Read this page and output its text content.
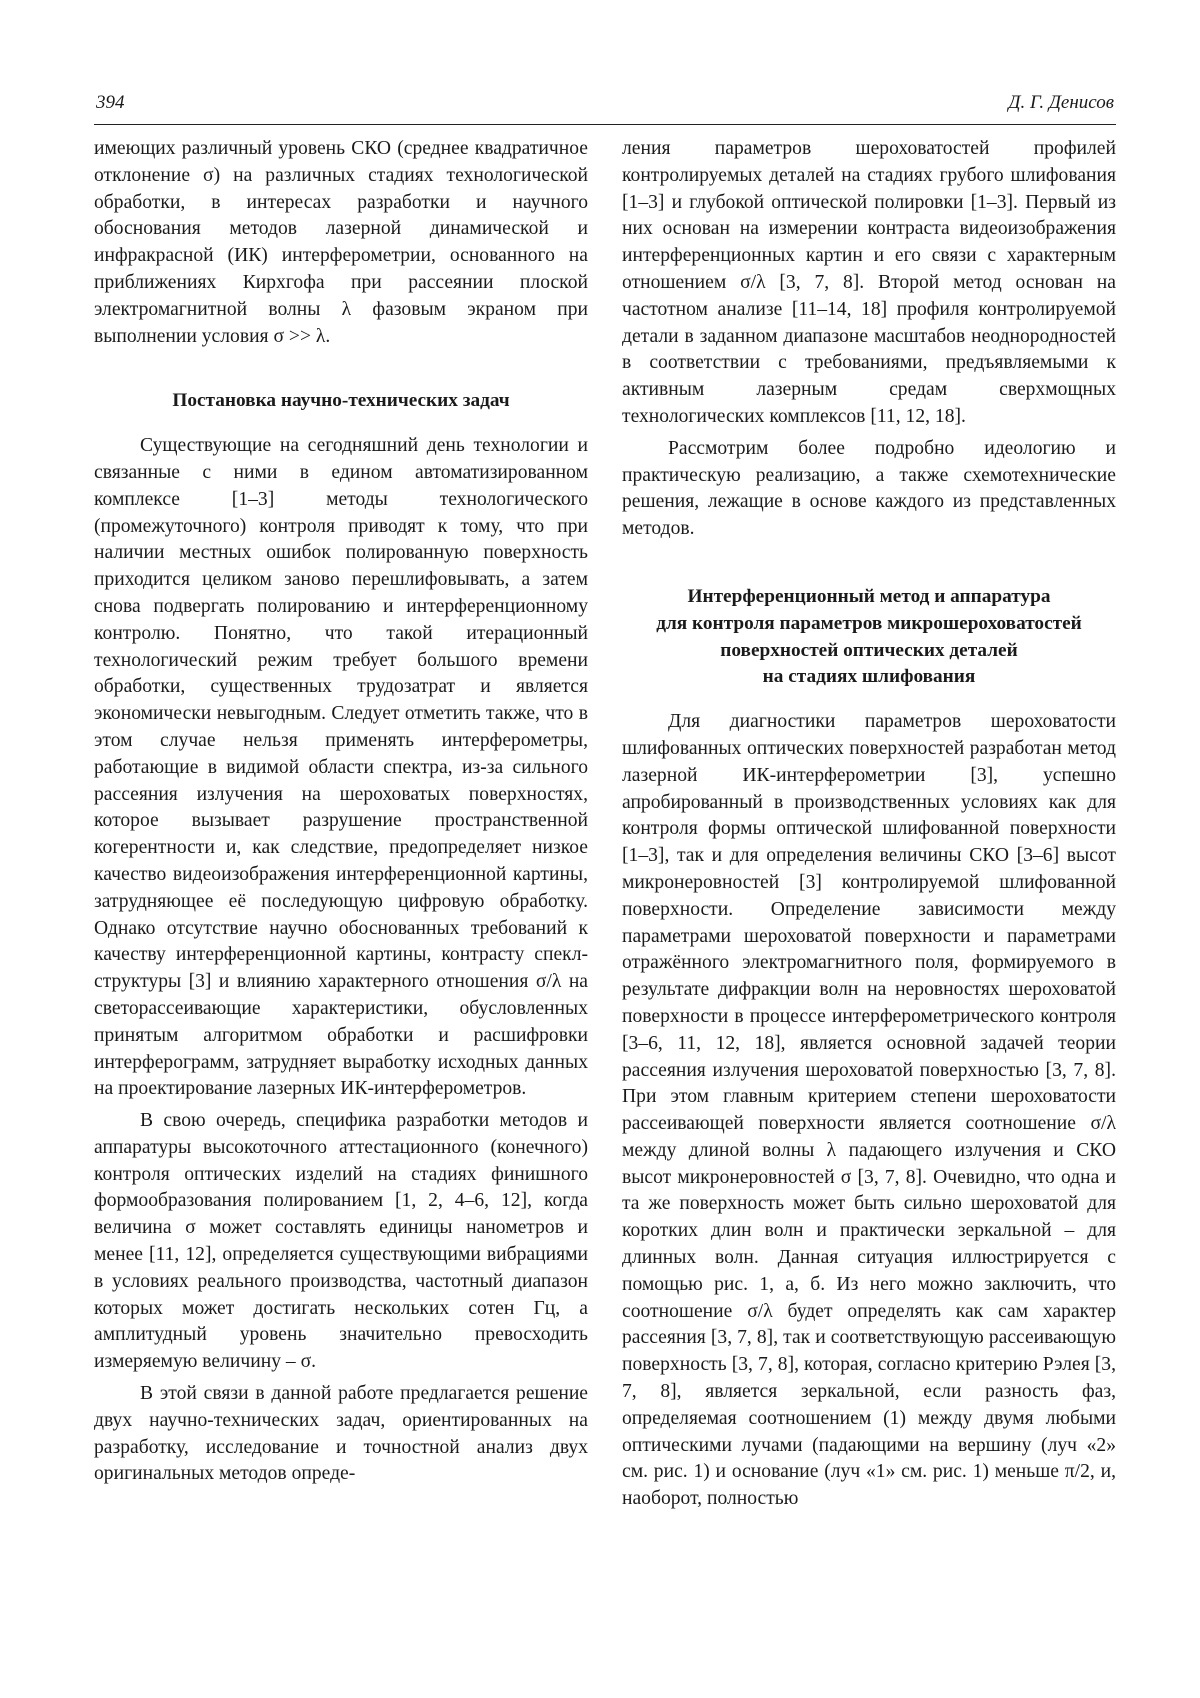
394	Д. Г. Денисов

имеющих различный уровень СКО (среднее квадратичное отклонение σ) на различных стадиях технологической обработки, в интересах разработки и научного обоснования методов лазерной динамической и инфракрасной (ИК) интерферометрии, основанного на приближениях Кирхгофа при рассеянии плоской электромагнитной волны λ фазовым экраном при выполнении условия σ >> λ.

Постановка научно-технических задач

Существующие на сегодняшний день технологии и связанные с ними в едином автоматизированном комплексе [1–3] методы технологического (промежуточного) контроля приводят к тому, что при наличии местных ошибок полированную поверхность приходится целиком заново перешлифовывать, а затем снова подвергать полированию и интерференционному контролю. Понятно, что такой итерационный технологический режим требует большого времени обработки, существенных трудозатрат и является экономически невыгодным. Следует отметить также, что в этом случае нельзя применять интерферометры, работающие в видимой области спектра, из-за сильного рассеяния излучения на шероховатых поверхностях, которое вызывает разрушение пространственной когерентности и, как следствие, предопределяет низкое качество видеоизображения интерференционной картины, затрудняющее её последующую цифровую обработку. Однако отсутствие научно обоснованных требований к качеству интерференционной картины, контрасту спекл-структуры [3] и влиянию характерного отношения σ/λ на светорассеивающие характеристики, обусловленных принятым алгоритмом обработки и расшифровки интерферограмм, затрудняет выработку исходных данных на проектирование лазерных ИК-интерферометров.

В свою очередь, специфика разработки методов и аппаратуры высокоточного аттестационного (конечного) контроля оптических изделий на стадиях финишного формообразования полированием [1, 2, 4–6, 12], когда величина σ может составлять единицы нанометров и менее [11, 12], определяется существующими вибрациями в условиях реального производства, частотный диапазон которых может достигать нескольких сотен Гц, а амплитудный уровень значительно превосходить измеряемую величину – σ.

В этой связи в данной работе предлагается решение двух научно-технических задач, ориентированных на разработку, исследование и точностной анализ двух оригинальных методов опреде-

ления параметров шероховатостей профилей контролируемых деталей на стадиях грубого шлифования [1–3] и глубокой оптической полировки [1–3]. Первый из них основан на измерении контраста видеоизображения интерференционных картин и его связи с характерным отношением σ/λ [3, 7, 8]. Второй метод основан на частотном анализе [11–14, 18] профиля контролируемой детали в заданном диапазоне масштабов неоднородностей в соответствии с требованиями, предъявляемыми к активным лазерным средам сверхмощных технологических комплексов [11, 12, 18].

Рассмотрим более подробно идеологию и практическую реализацию, а также схемотехнические решения, лежащие в основе каждого из представленных методов.

Интерференционный метод и аппаратура
для контроля параметров микрошероховатостей
поверхностей оптических деталей
на стадиях шлифования

Для диагностики параметров шероховатости шлифованных оптических поверхностей разработан метод лазерной ИК-интерферометрии [3], успешно апробированный в производственных условиях как для контроля формы оптической шлифованной поверхности [1–3], так и для определения величины СКО [3–6] высот микронеровностей [3] контролируемой шлифованной поверхности. Определение зависимости между параметрами шероховатой поверхности и параметрами отражённого электромагнитного поля, формируемого в результате дифракции волн на неровностях шероховатой поверхности в процессе интерферометрического контроля [3–6, 11, 12, 18], является основной задачей теории рассеяния излучения шероховатой поверхностью [3, 7, 8]. При этом главным критерием степени шероховатости рассеивающей поверхности является соотношение σ/λ между длиной волны λ падающего излучения и СКО высот микронеровностей σ [3, 7, 8]. Очевидно, что одна и та же поверхность может быть сильно шероховатой для коротких длин волн и практически зеркальной – для длинных волн. Данная ситуация иллюстрируется с помощью рис. 1, а, б. Из него можно заключить, что соотношение σ/λ будет определять как сам характер рассеяния [3, 7, 8], так и соответствующую рассеивающую поверхность [3, 7, 8], которая, согласно критерию Рэлея [3, 7, 8], является зеркальной, если разность фаз, определяемая соотношением (1) между двумя любыми оптическими лучами (падающими на вершину (луч «2» см. рис. 1) и основание (луч «1» см. рис. 1) меньше π/2, и, наоборот, полностью
